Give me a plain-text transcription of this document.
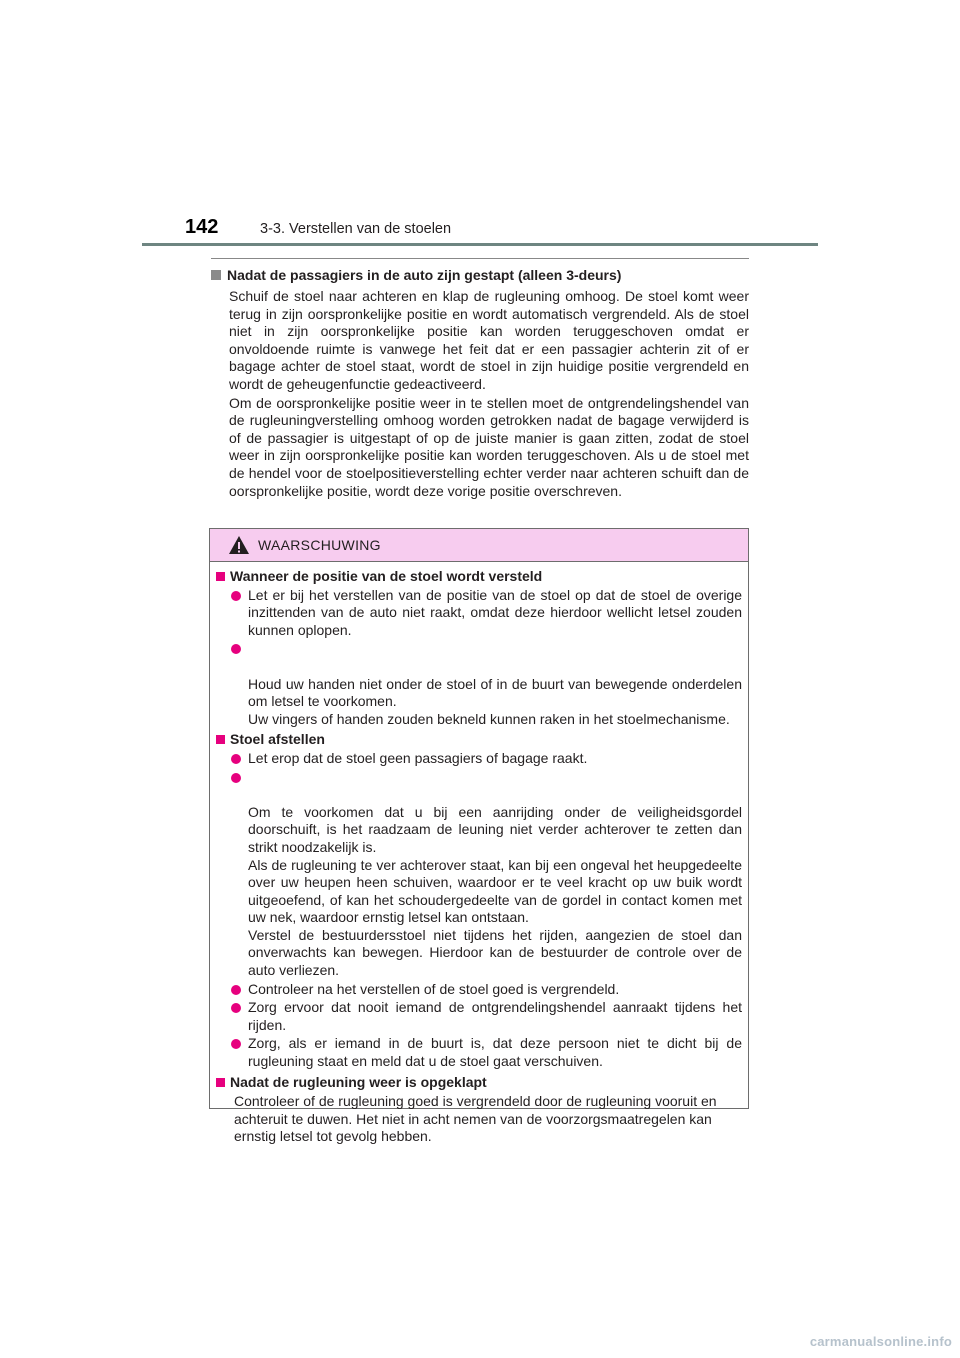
142	3-3. Verstellen van de stoelen
Nadat de passagiers in de auto zijn gestapt (alleen 3-deurs)
Schuif de stoel naar achteren en klap de rugleuning omhoog. De stoel komt weer terug in zijn oorspronkelijke positie en wordt automatisch vergrendeld. Als de stoel niet in zijn oorspronkelijke positie kan worden teruggeschoven omdat er onvoldoende ruimte is vanwege het feit dat er een passagier achterin zit of er bagage achter de stoel staat, wordt de stoel in zijn huidige positie vergrendeld en wordt de geheugenfunctie gedeactiveerd.
Om de oorspronkelijke positie weer in te stellen moet de ontgrendelingshendel van de rugleuningverstelling omhoog worden getrokken nadat de bagage verwijderd is of de passagier is uitgestapt of op de juiste manier is gaan zitten, zodat de stoel weer in zijn oorspronkelijke positie kan worden teruggeschoven. Als u de stoel met de hendel voor de stoelpositieverstelling echter verder naar achteren schuift dan de oorspronkelijke positie, wordt deze vorige positie overschreven.
WAARSCHUWING
Wanneer de positie van de stoel wordt versteld
Let er bij het verstellen van de positie van de stoel op dat de stoel de overige inzittenden van de auto niet raakt, omdat deze hierdoor wellicht letsel zouden kunnen oplopen.

Houd uw handen niet onder de stoel of in de buurt van bewegende onderdelen om letsel te voorkomen.
Uw vingers of handen zouden bekneld kunnen raken in het stoelmechanisme.

Stoel afstellen
Let erop dat de stoel geen passagiers of bagage raakt.

Om te voorkomen dat u bij een aanrijding onder de veiligheidsgordel doorschuift, is het raadzaam de leuning niet verder achterover te zetten dan strikt noodzakelijk is.
Als de rugleuning te ver achterover staat, kan bij een ongeval het heupgedeelte over uw heupen heen schuiven, waardoor er te veel kracht op uw buik wordt uitgeoefend, of kan het schoudergedeelte van de gordel in contact komen met uw nek, waardoor ernstig letsel kan ontstaan.
Verstel de bestuurdersstoel niet tijdens het rijden, aangezien de stoel dan onverwachts kan bewegen. Hierdoor kan de bestuurder de controle over de auto verliezen.

Controleer na het verstellen of de stoel goed is vergrendeld.
Zorg ervoor dat nooit iemand de ontgrendelingshendel aanraakt tijdens het rijden.
Zorg, als er iemand in de buurt is, dat deze persoon niet te dicht bij de rugleuning staat en meld dat u de stoel gaat verschuiven.
Nadat de rugleuning weer is opgeklapt
Controleer of de rugleuning goed is vergrendeld door de rugleuning vooruit en achteruit te duwen. Het niet in acht nemen van de voorzorgsmaatregelen kan ernstig letsel tot gevolg hebben.
carmanualsonline.info
